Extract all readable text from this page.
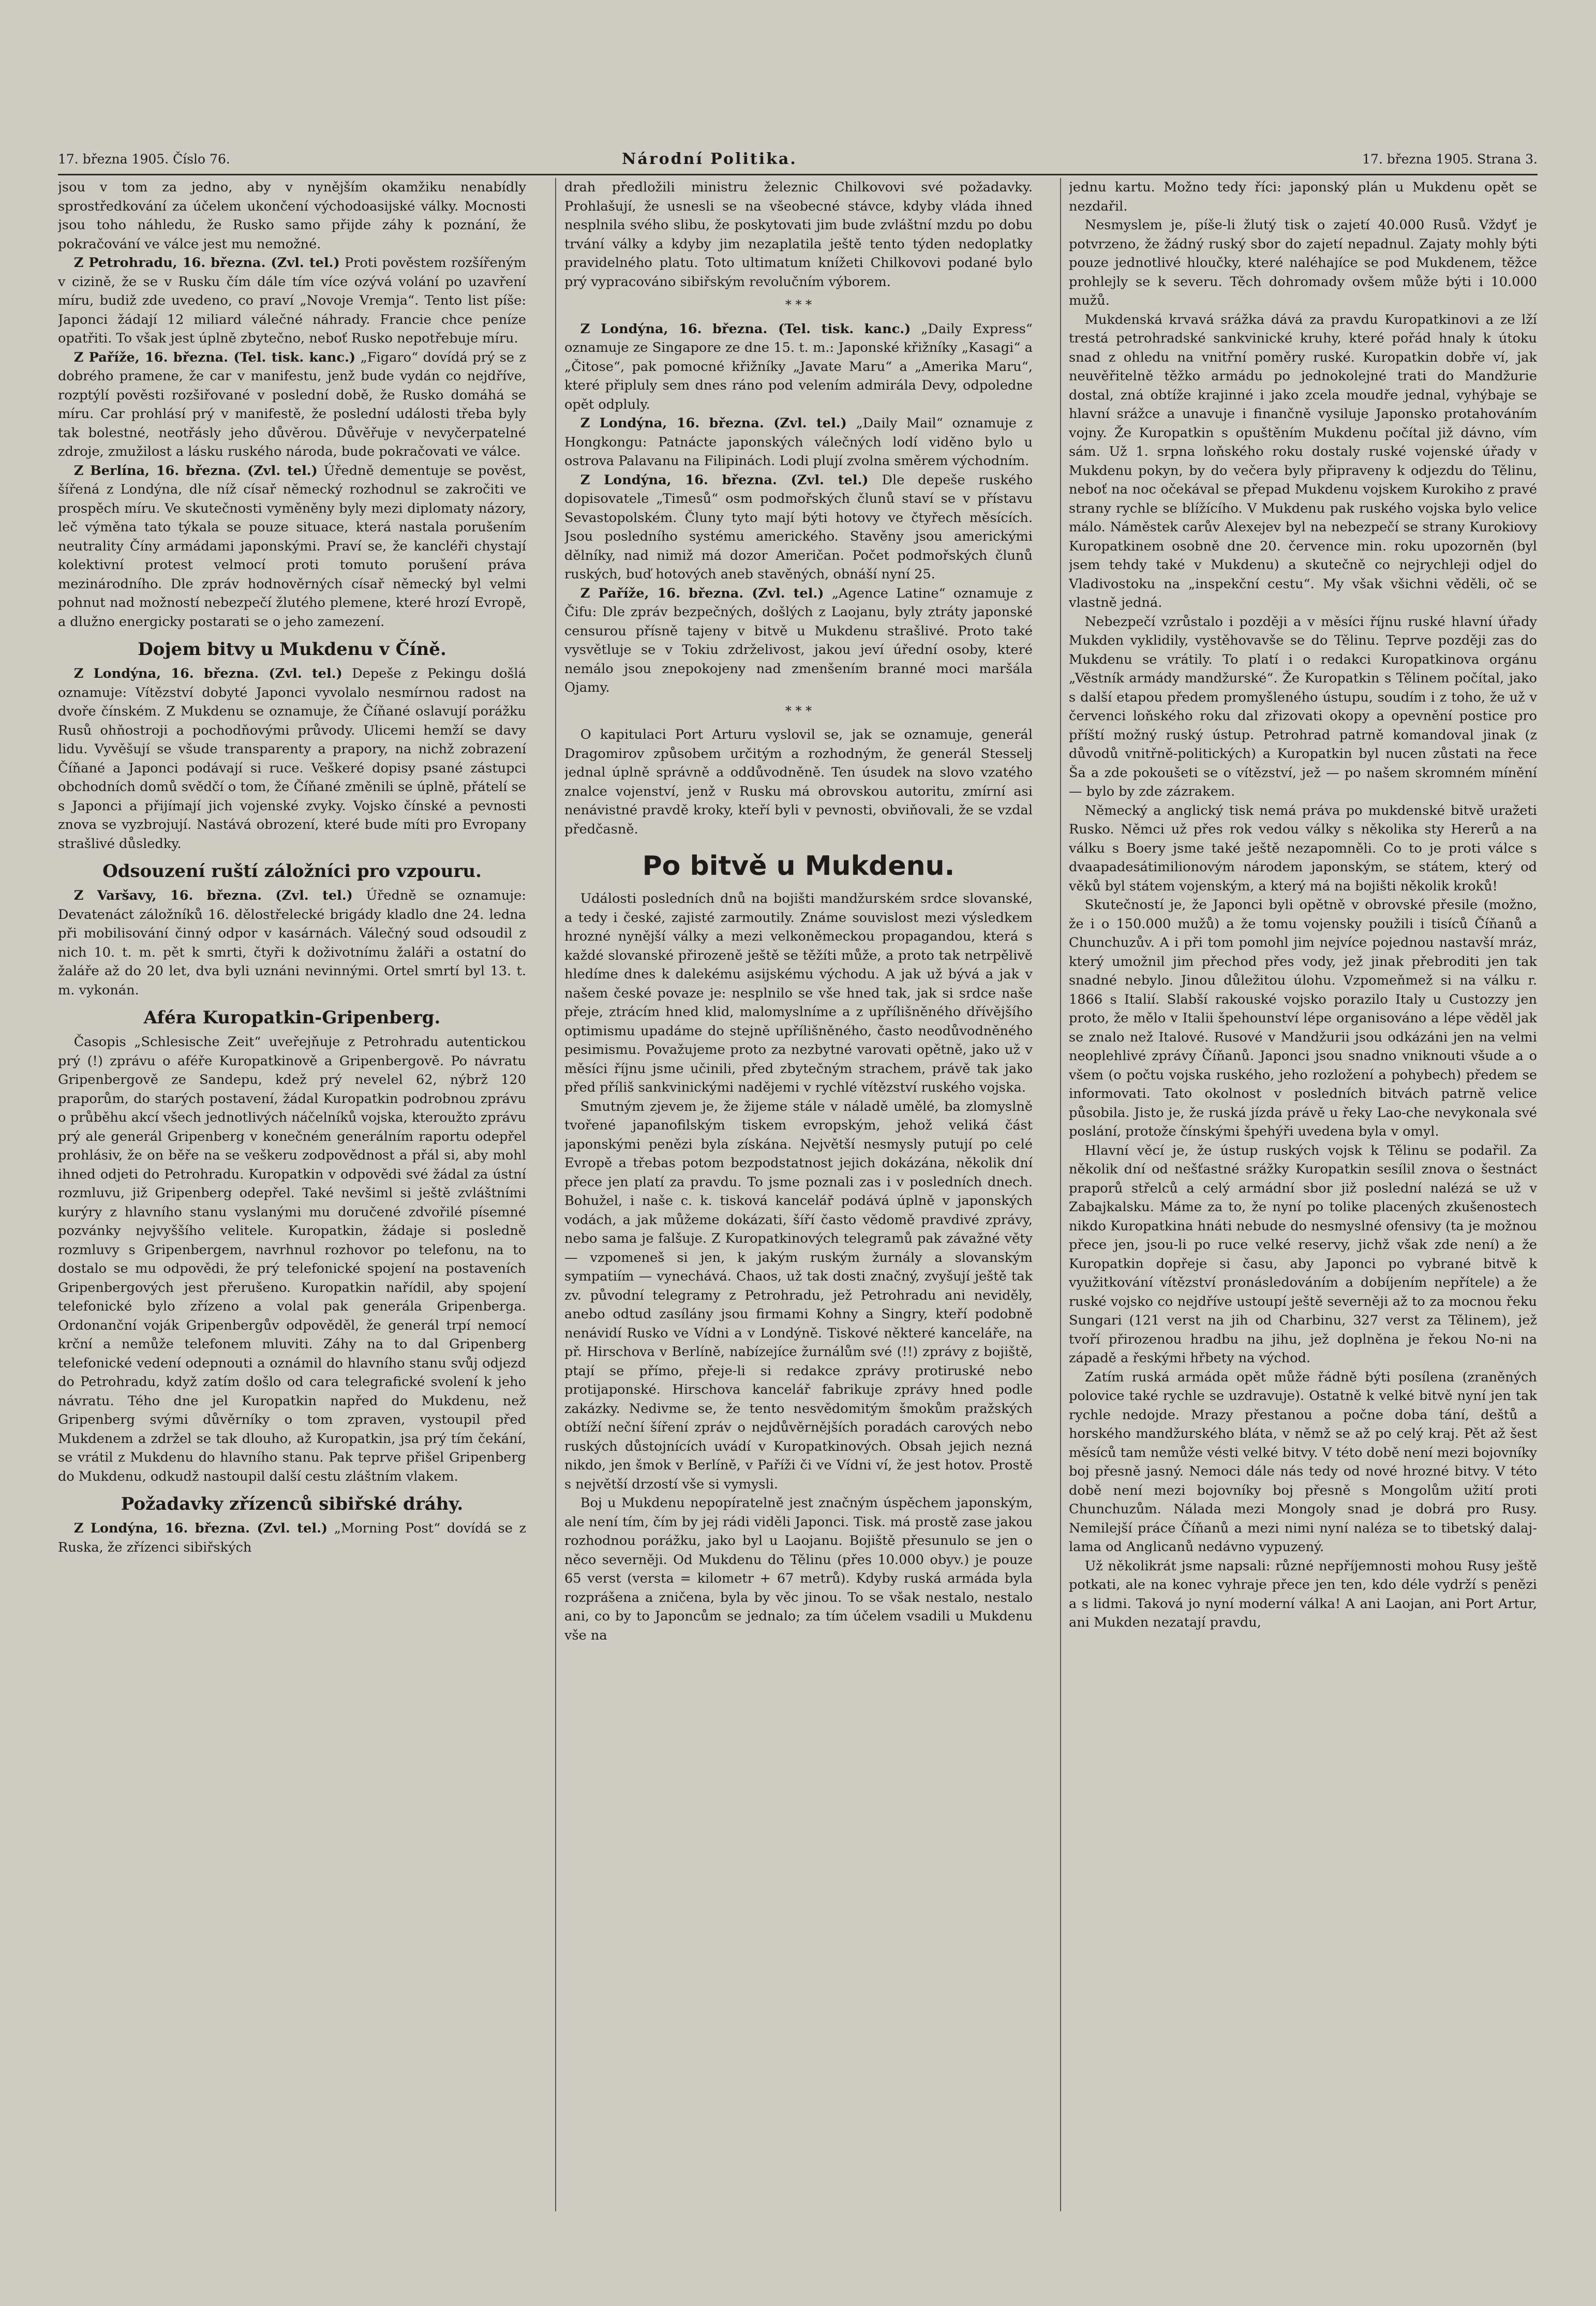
17. března 1905. Číslo 76.	Národní Politika.	17. března 1905. Strana 3.

jsou v tom za jedno, aby v nynějším okamžiku nenabídly sprostředkování za účelem ukončení východoasijské války. Mocnosti jsou toho náhledu, že Rusko samo přijde záhy k poznání, že pokračování ve válce jest mu nemožné.

Z Petrohradu, 16. března. (Zvl. tel.) Proti pověstem rozšířeným v cizině, že se v Rusku čím dále tím více ozývá volání po uzavření míru, budiž zde uvedeno, co praví „Novoje Vremja“. Tento list píše: Japonci žádají 12 miliard válečné náhrady. Francie chce peníze opatřiti. To však jest úplně zbytečno, neboť Rusko nepotřebuje míru.

Z Paříže, 16. března. (Tel. tisk. kanc.) „Figaro“ dovídá prý se z dobrého pramene, že car v manifestu, jenž bude vydán co nejdříve, rozptýlí pověsti rozšiřované v poslední době, že Rusko domáhá se míru. Car prohlásí prý v manifestě, že poslední události třeba byly tak bolestné, neotřásly jeho důvěrou. Důvěřuje v nevyčerpatelné zdroje, zmužilost a lásku ruského národa, bude pokračovati ve válce.

Z Berlína, 16. března. (Zvl. tel.) Úředně dementuje se pověst, šířená z Londýna, dle níž císař německý rozhodnul se zakročiti ve prospěch míru. Ve skutečnosti vyměněny byly mezi diplomaty názory, leč výměna tato týkala se pouze situace, která nastala porušením neutrality Číny armádami japonskými. Praví se, že kancléři chystají kolektivní protest velmocí proti tomuto porušení práva mezinárodního. Dle zpráv hodnověrných císař německý byl velmi pohnut nad možností nebezpečí žlutého plemene, které hrozí Evropě, a dlužno energicky postarati se o jeho zamezení.

Dojem bitvy u Mukdenu v Číně.

Z Londýna, 16. března. (Zvl. tel.) Depeše z Pekingu došlá oznamuje: Vítězství dobyté Japonci vyvolalo nesmírnou radost na dvoře čínském. Z Mukdenu se oznamuje, že Číňané oslavují porážku Rusů ohňostroji a pochodňovými průvody. Ulicemi hemží se davy lidu. Vyvěšují se všude transparenty a prapory, na nichž zobrazení Číňané a Japonci podávají si ruce. Veškeré dopisy psané zástupci obchodních domů svědčí o tom, že Číňané změnili se úplně, přátelí se s Japonci a přijímají jich vojenské zvyky. Vojsko čínské a pevnosti znova se vyzbrojují. Nastává obrození, které bude míti pro Evropany strašlivé důsledky.

Odsouzení ruští záložníci pro vzpouru.

Z Varšavy, 16. března. (Zvl. tel.) Úředně se oznamuje: Devatenáct záložníků 16. dělostřelecké brigády kladlo dne 24. ledna při mobilisování činný odpor v kasárnách. Válečný soud odsoudil z nich 10. t. m. pět k smrti, čtyři k doživotnímu žaláři a ostatní do žaláře až do 20 let, dva byli uznáni nevinnými. Ortel smrtí byl 13. t. m. vykonán.

Aféra Kuropatkin-Gripenberg.

Časopis „Schlesische Zeit“ uveřejňuje z Petrohradu autentickou prý (!) zprávu o aféře Kuropatkinově a Gripenbergově. Po návratu Gripenbergově ze Sandepu, kdež prý nevelel 62, nýbrž 120 praporům, do starých postavení, žádal Kuropatkin podrobnou zprávu o průběhu akcí všech jednotlivých náčelníků vojska, kteroužto zprávu prý ale generál Gripenberg v konečném generálním raportu odepřel prohlásiv, že on běře na se veškeru zodpovědnost a přál si, aby mohl ihned odjeti do Petrohradu. Kuropatkin v odpovědi své žádal za ústní rozmluvu, již Gripenberg odepřel. Také nevšiml si ještě zvláštními kurýry z hlavního stanu vyslanými mu doručené zdvořilé písemné pozvánky nejvyššího velitele. Kuropatkin, žádaje si posledně rozmluvy s Gripenbergem, navrhnul rozhovor po telefonu, na to dostalo se mu odpovědi, že prý telefonické spojení na postaveních Gripenbergových jest přerušeno. Kuropatkin nařídil, aby spojení telefonické bylo zřízeno a volal pak generála Gripenberga. Ordonanční voják Gripenbergův odpověděl, že generál trpí nemocí krční a nemůže telefonem mluviti. Záhy na to dal Gripenberg telefonické vedení odepnouti a oznámil do hlavního stanu svůj odjezd do Petrohradu, když zatím došlo od cara telegrafické svolení k jeho návratu. Tého dne jel Kuropatkin napřed do Mukdenu, než Gripenberg svými důvěrníky o tom zpraven, vystoupil před Mukdenem a zdržel se tak dlouho, až Kuropatkin, jsa prý tím čekání, se vrátil z Mukdenu do hlavního stanu. Pak teprve přišel Gripenberg do Mukdenu, odkudž nastoupil další cestu zláštním vlakem.

Požadavky zřízenců sibiřské dráhy.

Z Londýna, 16. března. (Zvl. tel.) „Morning Post“ dovídá se z Ruska, že zřízenci sibiřských

drah předložili ministru železnic Chilkovovi své požadavky. Prohlašují, že usnesli se na všeobecné stávce, kdyby vláda ihned nesplnila svého slibu, že poskytovati jim bude zvláštní mzdu po dobu trvání války a kdyby jim nezaplatila ještě tento týden nedoplatky pravidelného platu. Toto ultimatum knížeti Chilkovovi podané bylo prý vypracováno sibiřským revolučním výborem.

* * *

Z Londýna, 16. března. (Tel. tisk. kanc.) „Daily Express“ oznamuje ze Singapore ze dne 15. t. m.: Japonské křižníky „Kasagi“ a „Čitose“, pak pomocné křižníky „Javate Maru“ a „Amerika Maru“, které připluly sem dnes ráno pod velením admirála Devy, odpoledne opět odpluly.

Z Londýna, 16. března. (Zvl. tel.) „Daily Mail“ oznamuje z Hongkongu: Patnácte japonských válečných lodí viděno bylo u ostrova Palavanu na Filipinách. Lodi plují zvolna směrem východním.

Z Londýna, 16. března. (Zvl. tel.) Dle depeše ruského dopisovatele „Timesů“ osm podmořských člunů staví se v přístavu Sevastopolském. Čluny tyto mají býti hotovy ve čtyřech měsících. Jsou posledního systému amerického. Stavěny jsou americkými dělníky, nad nimiž má dozor Američan. Počet podmořských člunů ruských, buď hotových aneb stavěných, obnáší nyní 25.

Z Paříže, 16. března. (Zvl. tel.) „Agence Latine“ oznamuje z Čifu: Dle zpráv bezpečných, došlých z Laojanu, byly ztráty japonské censurou přísně tajeny v bitvě u Mukdenu strašlivé. Proto také vysvětluje se v Tokiu zdrželivost, jakou jeví úřední osoby, které nemálo jsou znepokojeny nad zmenšením branné moci maršála Ojamy.

* * *

O kapitulaci Port Arturu vyslovil se, jak se oznamuje, generál Dragomirov způsobem určitým a rozhodným, že generál Stesselj jednal úplně správně a oddůvodněně. Ten úsudek na slovo vzatého znalce vojenství, jenž v Rusku má obrovskou autoritu, zmírní asi nenávistné pravdě kroky, kteří byli v pevnosti, obviňovali, že se vzdal předčasně.

Po bitvě u Mukdenu.

Události posledních dnů na bojišti mandžurském srdce slovanské, a tedy i české, zajisté zarmoutily. Známe souvislost mezi výsledkem hrozné nynější války a mezi velkoněmeckou propagandou, která s každé slovanské přirozeně ještě se těžíti může, a proto tak netrpělivě hledíme dnes k dalekému asijskému východu. A jak už bývá a jak v našem české povaze je: nesplnilo se vše hned tak, jak si srdce naše přeje, ztrácím hned klid, malomyslníme a z upřílišněného dřívějšího optimismu upadáme do stejně upřílišněného, často neodůvodněného pesimismu. Považujeme proto za nezbytné varovati opětně, jako už v měsíci říjnu jsme učinili, před zbytečným strachem, právě tak jako před příliš sankvinickými nadějemi v rychlé vítězství ruského vojska.

Smutným zjevem je, že žijeme stále v náladě umělé, ba zlomyslně tvořené japanofilským tiskem evropským, jehož veliká část japonskými penězi byla získána. Největší nesmysly putují po celé Evropě a třebas potom bezpodstatnost jejich dokázána, několik dní přece jen platí za pravdu. To jsme poznali zas i v posledních dnech. Bohužel, i naše c. k. tisková kancelář podává úplně v japonských vodách, a jak můžeme dokázati, šíří často vědomě pravdivé zprávy, nebo sama je falšuje. Z Kuropatkinových telegramů pak závažné věty — vzpomeneš si jen, k jakým ruským žurnály a slovanským sympatiím — vynechává. Chaos, už tak dosti značný, zvyšují ještě tak zv. původní telegramy z Petrohradu, jež Petrohradu ani neviděly, anebo odtud zasílány jsou firmami Kohny a Singry, kteří podobně nenávidí Rusko ve Vídni a v Londýně. Tiskové některé kanceláře, na př. Hirschova v Berlíně, nabízejíce žurnálům své (!!) zprávy z bojiště, ptají se přímo, přeje-li si redakce zprávy protiruské nebo protijaponské. Hirschova kancelář fabrikuje zprávy hned podle zakázky. Nedivme se, že tento nesvědomitým šmokům pražských obtíží neční šíření zpráv o nejdůvěrnějších poradách carových nebo ruských důstojnících uvádí v Kuropatkinových. Obsah jejich nezná nikdo, jen šmok v Berlíně, v Paříži či ve Vídni ví, že jest hotov. Prostě s největší drzostí vše si vymysli.

Boj u Mukdenu nepopíratelně jest značným úspěchem japonským, ale není tím, čím by jej rádi viděli Japonci. Tisk. má prostě zase jakou rozhodnou porážku, jako byl u Laojanu. Bojiště přesunulo se jen o něco severněji. Od Mukdenu do Tělinu (přes 10.000 obyv.) je pouze 65 verst (versta = kilometr + 67 metrů). Kdyby ruská armáda byla rozprášena a zničena, byla by věc jinou. To se však nestalo, nestalo ani, co by to Japoncům se jednalo; za tím účelem vsadili u Mukdenu vše na

jednu kartu. Možno tedy říci: japonský plán u Mukdenu opět se nezdařil.

Nesmyslem je, píše-li žlutý tisk o zajetí 40.000 Rusů. Vždyť je potvrzeno, že žádný ruský sbor do zajetí nepadnul. Zajaty mohly býti pouze jednotlivé hloučky, které naléhajíce se pod Mukdenem, těžce prohlejly se k severu. Těch dohromady ovšem může býti i 10.000 mužů.

Mukdenská krvavá srážka dává za pravdu Kuropatkinovi a ze lží trestá petrohradské sankvinické kruhy, které pořád hnaly k útoku snad z ohledu na vnitřní poměry ruské. Kuropatkin dobře ví, jak neuvěřitelně těžko armádu po jednokolejné trati do Mandžurie dostal, zná obtíže krajinné i jako zcela moudře jednal, vyhýbaje se hlavní srážce a unavuje i finančně vysiluje Japonsko protahováním vojny. Že Kuropatkin s opuštěním Mukdenu počítal již dávno, vím sám. Už 1. srpna loňského roku dostaly ruské vojenské úřady v Mukdenu pokyn, by do večera byly připraveny k odjezdu do Tělinu, neboť na noc očekával se přepad Mukdenu vojskem Kurokiho z pravé strany rychle se blížícího. V Mukdenu pak ruského vojska bylo velice málo. Náměstek carův Alexejev byl na nebezpečí se strany Kurokiovy Kuropatkinem osobně dne 20. července min. roku upozorněn (byl jsem tehdy také v Mukdenu) a skutečně co nejrychleji odjel do Vladivostoku na „inspekční cestu“. My však všichni věděli, oč se vlastně jedná.

Nebezpečí vzrůstalo i později a v měsíci říjnu ruské hlavní úřady Mukden vyklidily, vystěhovavše se do Tělinu. Teprve později zas do Mukdenu se vrátily. To platí i o redakci Kuropatkinova orgánu „Věstník armády mandžurské“. Že Kuropatkin s Tělinem počítal, jako s další etapou předem promyšleného ústupu, soudím i z toho, že už v červenci loňského roku dal zřizovati okopy a opevnění postice pro příští možný ruský ústup. Petrohrad patrně komandoval jinak (z důvodů vnitřně-politických) a Kuropatkin byl nucen zůstati na řece Ša a zde pokoušeti se o vítězství, jež — po našem skromném mínění — bylo by zde zázrakem.

Německý a anglický tisk nemá práva po mukdenské bitvě uražeti Rusko. Němci už přes rok vedou války s několika sty Hererů a na válku s Boery jsme také ještě nezapomněli. Co to je proti válce s dvaapadesátimilionovým národem japonským, se státem, který od věků byl státem vojenským, a který má na bojišti několik kroků!

Skutečností je, že Japonci byli opětně v obrovské přesile (možno, že i o 150.000 mužů) a že tomu vojensky použili i tisíců Číňanů a Chunchuzův. A i při tom pomohl jim nejvíce pojednou nastavší mráz, který umožnil jim přechod přes vody, jež jinak přebroditi jen tak snadné nebylo. Jinou důležitou úlohu. Vzpomeňmež si na válku r. 1866 s Italií. Slabší rakouské vojsko porazilo Italy u Custozzy jen proto, že mělo v Italii špehounství lépe organisováno a lépe věděl jak se znalo než Italové. Rusové v Mandžurii jsou odkázáni jen na velmi neoplehlivé zprávy Číňanů. Japonci jsou snadno vniknouti všude a o všem (o počtu vojska ruského, jeho rozložení a pohybech) předem se informovati. Tato okolnost v posledních bitvách patrně velice působila. Jisto je, že ruská jízda právě u řeky Lao-che nevykonala své poslání, protože čínskými špehýři uvedena byla v omyl.

Hlavní věcí je, že ústup ruských vojsk k Tělinu se podařil. Za několik dní od nešťastné srážky Kuropatkin sesílil znova o šestnáct praporů střelců a celý armádní sbor již poslední nalézá se už v Zabajkalsku. Máme za to, že nyní po tolike placených zkušenostech nikdo Kuropatkina hnáti nebude do nesmyslné ofensivy (ta je možnou přece jen, jsou-li po ruce velké reservy, jichž však zde není) a že Kuropatkin dopřeje si času, aby Japonci po vybrané bitvě k využitkování vítězství pronásledováním a dobíjením nepřítele) a že ruské vojsko co nejdříve ustoupí ještě severněji až to za mocnou řeku Sungari (121 verst na jih od Charbinu, 327 verst za Tělinem), jež tvoří přirozenou hradbu na jihu, jež doplněna je řekou No-ni na západě a řeskými hřbety na východ.

Zatím ruská armáda opět může řádně býti posílena (zraněných polovice také rychle se uzdravuje). Ostatně k velké bitvě nyní jen tak rychle nedojde. Mrazy přestanou a počne doba tání, deštů a horského mandžurského bláta, v němž se až po celý kraj. Pět až šest měsíců tam nemůže vésti velké bitvy. V této době není mezi bojovníky boj přesně jasný. Nemoci dále nás tedy od nové hrozné bitvy. V této době není mezi bojovníky boj přesně s Mongolům užití proti Chunchuzům. Nálada mezi Mongoly snad je dobrá pro Rusy. Nemilejší práce Číňanů a mezi nimi nyní naléza se to tibetský dalaj-lama od Anglicanů nedávno vypuzený.

Už několikrát jsme napsali: různé nepříjemnosti mohou Rusy ještě potkati, ale na konec vyhraje přece jen ten, kdo déle vydrží s penězi a s lidmi. Taková jo nyní moderní válka! A ani Laojan, ani Port Artur, ani Mukden nezatají pravdu,
